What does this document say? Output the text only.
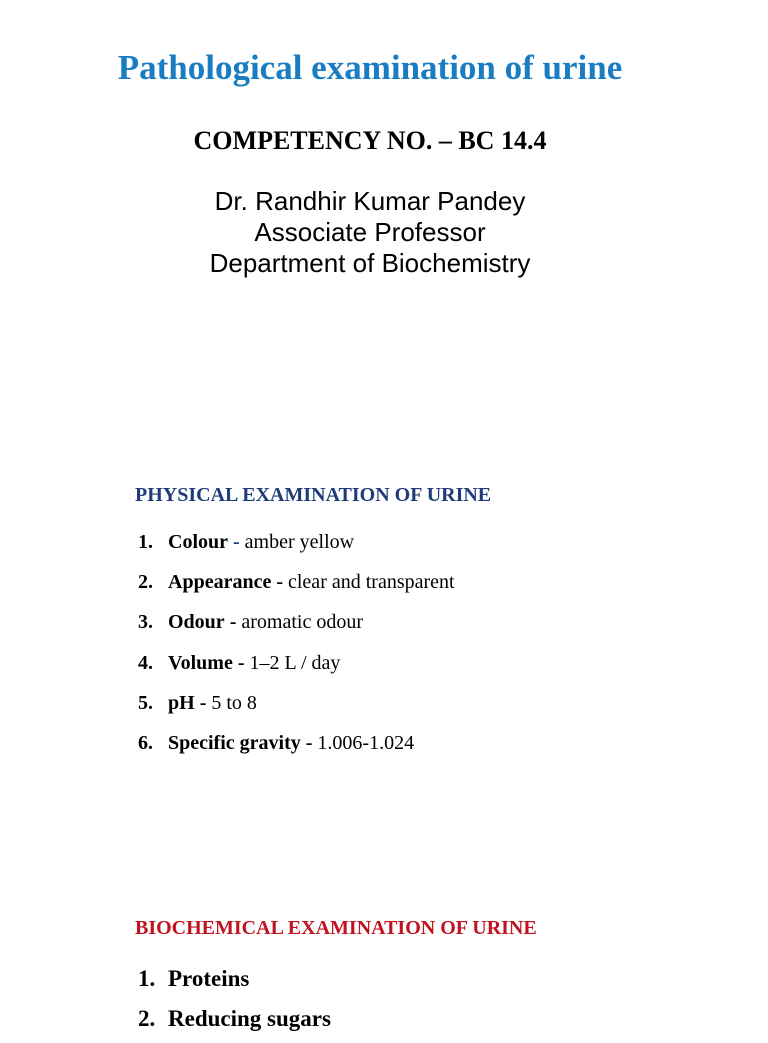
Pathological examination of urine
COMPETENCY NO. – BC 14.4
Dr. Randhir Kumar Pandey
Associate Professor
Department of Biochemistry
PHYSICAL EXAMINATION OF URINE
1. Colour - amber yellow
2. Appearance - clear and transparent
3. Odour - aromatic odour
4. Volume - 1–2 L / day
5. pH - 5 to 8
6. Specific gravity - 1.006-1.024
BIOCHEMICAL EXAMINATION OF URINE
1. Proteins
2. Reducing sugars
